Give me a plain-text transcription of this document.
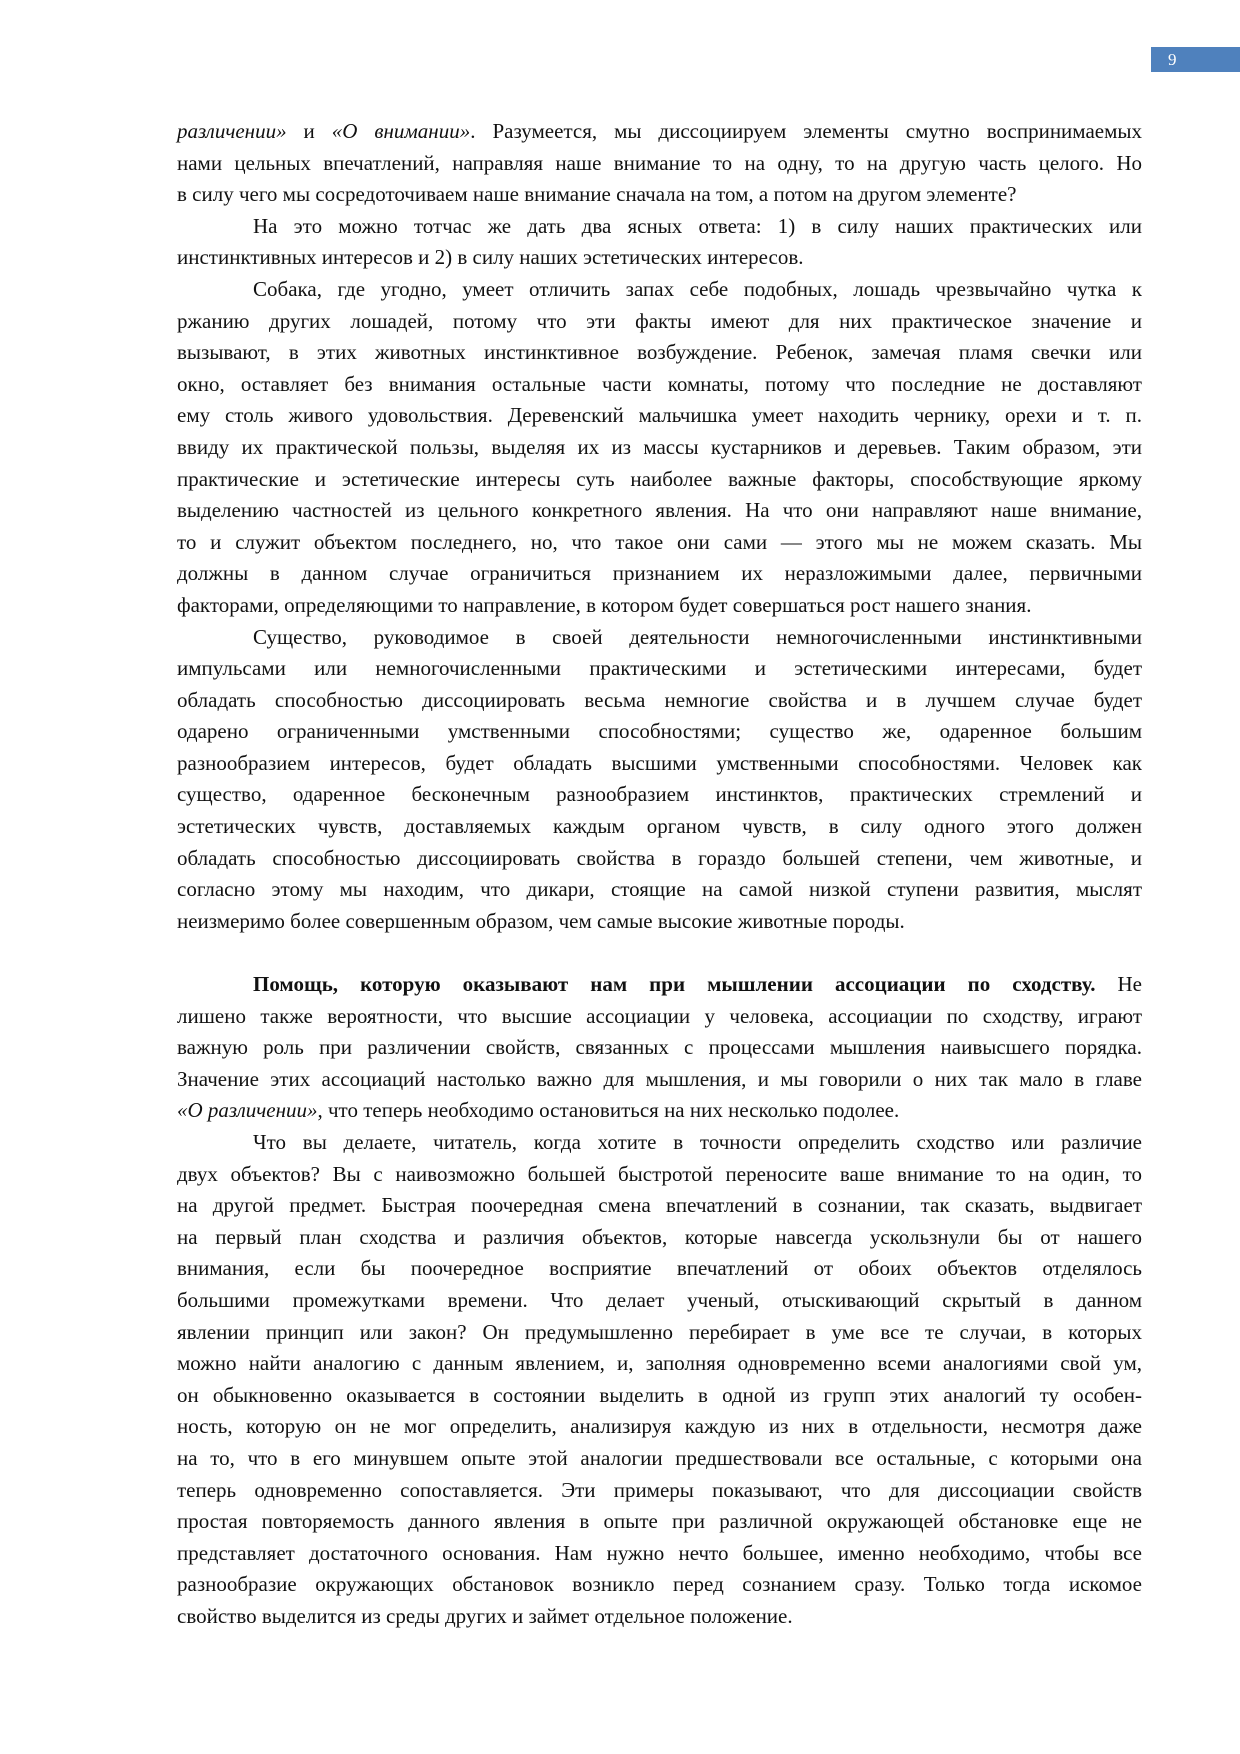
9
различении» и «О внимании». Разумеется, мы диссоциируем элементы смутно воспринимаемых
нами цельных впечатлений, направляя наше внимание то на одну, то на другую часть целого. Но
в силу чего мы сосредоточиваем наше внимание сначала на том, а потом на другом элементе?
На это можно тотчас же дать два ясных ответа: 1) в силу наших практических или
инстинктивных интересов и 2) в силу наших эстетических интересов.
Собака, где угодно, умеет отличить запах себе подобных, лошадь чрезвычайно чутка к
ржанию других лошадей, потому что эти факты имеют для них практическое значение и
вызывают, в этих животных инстинктивное возбуждение. Ребенок, замечая пламя свечки или
окно, оставляет без внимания остальные части комнаты, потому что последние не доставляют
ему столь живого удовольствия. Деревенский мальчишка умеет находить чернику, орехи и т. п.
ввиду их практической пользы, выделяя их из массы кустарников и деревьев. Таким образом, эти
практические и эстетические интересы суть наиболее важные факторы, способствующие яркому
выделению частностей из цельного конкретного явления. На что они направляют наше внимание,
то и служит объектом последнего, но, что такое они сами — этого мы не можем сказать. Мы
должны в данном случае ограничиться признанием их неразложимыми далее, первичными
факторами, определяющими то направление, в котором будет совершаться рост нашего знания.
Существо, руководимое в своей деятельности немногочисленными инстинктивными
импульсами или немногочисленными практическими и эстетическими интересами, будет
обладать способностью диссоциировать весьма немногие свойства и в лучшем случае будет
одарено ограниченными умственными способностями; существо же, одаренное большим
разнообразием интересов, будет обладать высшими умственными способностями. Человек как
существо, одаренное бесконечным разнообразием инстинктов, практических стремлений и
эстетических чувств, доставляемых каждым органом чувств, в силу одного этого должен
обладать способностью диссоциировать свойства в гораздо большей степени, чем животные, и
согласно этому мы находим, что дикари, стоящие на самой низкой ступени развития, мыслят
неизмеримо более совершенным образом, чем самые высокие животные породы.
Помощь, которую оказывают нам при мышлении ассоциации по сходству. Не
лишено также вероятности, что высшие ассоциации у человека, ассоциации по сходству, играют
важную роль при различении свойств, связанных с процессами мышления наивысшего порядка.
Значение этих ассоциаций настолько важно для мышления, и мы говорили о них так мало в главе
«О различении», что теперь необходимо остановиться на них несколько подолее.
Что вы делаете, читатель, когда хотите в точности определить сходство или различие
двух объектов? Вы с наивозможно большей быстротой переносите ваше внимание то на один, то
на другой предмет. Быстрая поочередная смена впечатлений в сознании, так сказать, выдвигает
на первый план сходства и различия объектов, которые навсегда ускользнули бы от нашего
внимания, если бы поочередное восприятие впечатлений от обоих объектов отделялось
большими промежутками времени. Что делает ученый, отыскивающий скрытый в данном
явлении принцип или закон? Он предумышленно перебирает в уме все те случаи, в которых
можно найти аналогию с данным явлением, и, заполняя одновременно всеми аналогиями свой ум,
он обыкновенно оказывается в состоянии выделить в одной из групп этих аналогий ту особен-
ность, которую он не мог определить, анализируя каждую из них в отдельности, несмотря даже
на то, что в его минувшем опыте этой аналогии предшествовали все остальные, с которыми она
теперь одновременно сопоставляется. Эти примеры показывают, что для диссоциации свойств
простая повторяемость данного явления в опыте при различной окружающей обстановке еще не
представляет достаточного основания. Нам нужно нечто большее, именно необходимо, чтобы все
разнообразие окружающих обстановок возникло перед сознанием сразу. Только тогда искомое
свойство выделится из среды других и займет отдельное положение.
